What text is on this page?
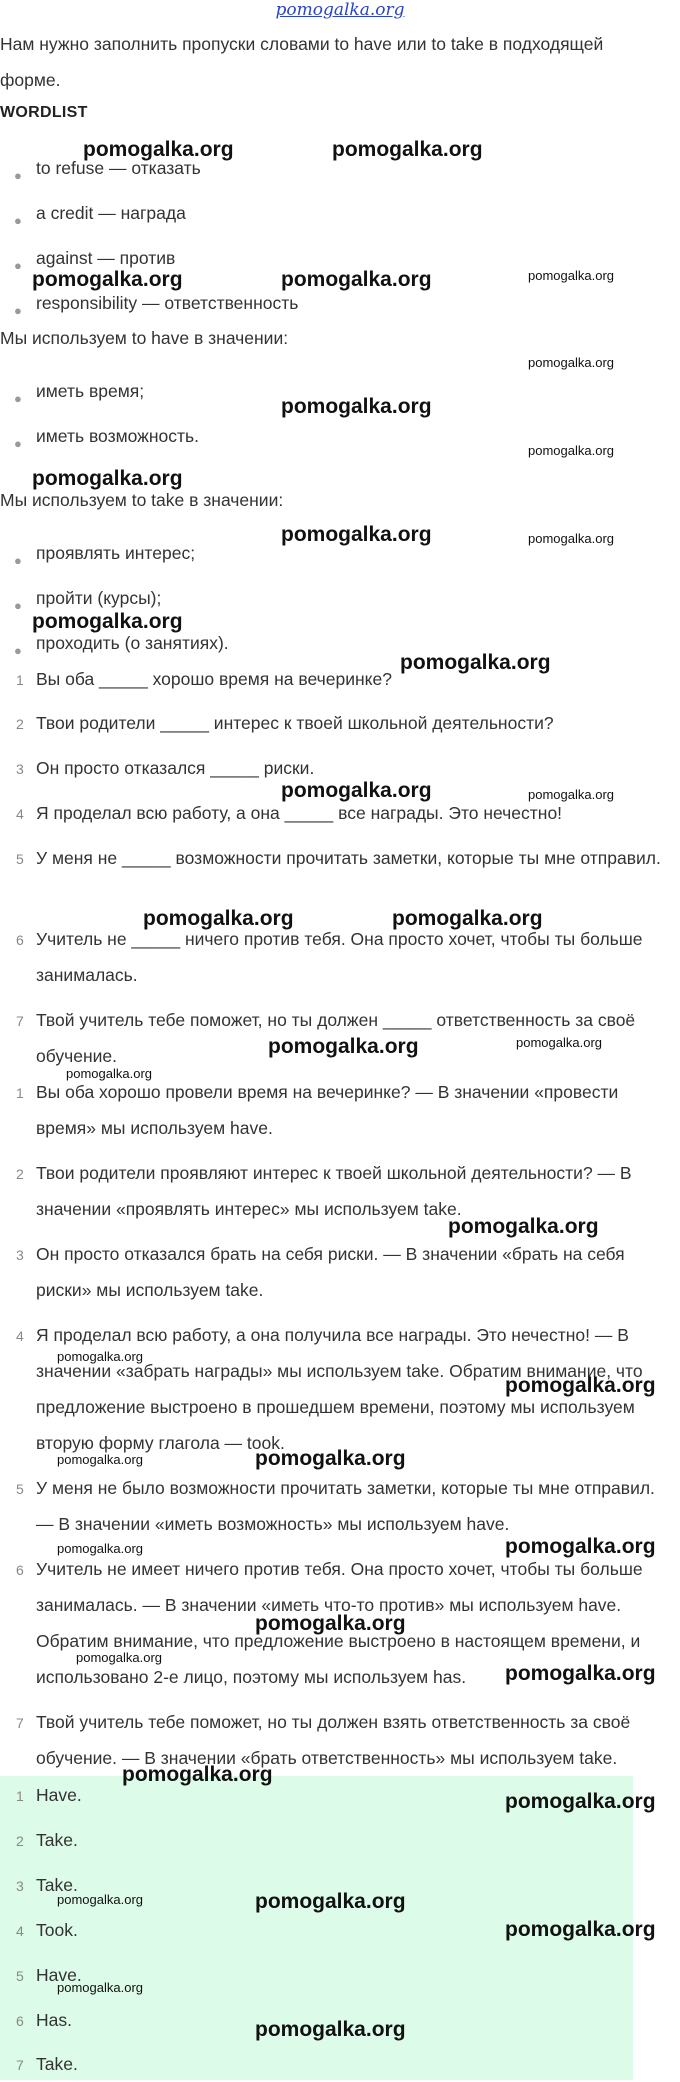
pomogalka.org
Нам нужно заполнить пропуски словами to have или to take в подходящей форме.
WORDLIST
● to refuse — отказать
● a credit — награда
● against — против
● responsibility — ответственность
Мы используем to have в значении:
● иметь время;
● иметь возможность.
Мы используем to take в значении:
● проявлять интерес;
● пройти (курсы);
● проходить (о занятиях).
1 Вы оба _____ хорошо время на вечеринке?
2 Твои родители _____ интерес к твоей школьной деятельности?
3 Он просто отказался _____ риски.
4 Я проделал всю работу, а она _____ все награды. Это нечестно!
5 У меня не _____ возможности прочитать заметки, которые ты мне отправил.
6 Учитель не _____ ничего против тебя. Она просто хочет, чтобы ты больше занималась.
7 Твой учитель тебе поможет, но ты должен _____ ответственность за своё обучение.
1 Вы оба хорошо провели время на вечеринке? — В значении «провести время» мы используем have.
2 Твои родители проявляют интерес к твоей школьной деятельности? — В значении «проявлять интерес» мы используем take.
3 Он просто отказался брать на себя риски. — В значении «брать на себя риски» мы используем take.
4 Я проделал всю работу, а она получила все награды. Это нечестно! — В значении «забрать награды» мы используем take. Обратим внимание, что предложение выстроено в прошедшем времени, поэтому мы используем вторую форму глагола — took.
5 У меня не было возможности прочитать заметки, которые ты мне отправил. — В значении «иметь возможность» мы используем have.
6 Учитель не имеет ничего против тебя. Она просто хочет, чтобы ты больше занималась. — В значении «иметь что-то против» мы используем have. Обратим внимание, что предложение выстроено в настоящем времени, и использовано 2-е лицо, поэтому мы используем has.
7 Твой учитель тебе поможет, но ты должен взять ответственность за своё обучение. — В значении «брать ответственность» мы используем take.
1 Have.
2 Take.
3 Take.
4 Took.
5 Have.
6 Has.
7 Take.
pomogalka.org	pomogalka.org
pomogalka.org	pomogalka.org	pomogalka.org
pomogalka.org
pomogalka.org
pomogalka.org
pomogalka.org
pomogalka.org	pomogalka.org
pomogalka.org
pomogalka.org
pomogalka.org	pomogalka.org
pomogalka.org	pomogalka.org
pomogalka.org	pomogalka.org
pomogalka.org
pomogalka.org
pomogalka.org
pomogalka.org
pomogalka.org	pomogalka.org
pomogalka.org	pomogalka.org
pomogalka.org
pomogalka.org
pomogalka.org
pomogalka.org
pomogalka.org
pomogalka.org	pomogalka.org
pomogalka.org
pomogalka.org
pomogalka.org
